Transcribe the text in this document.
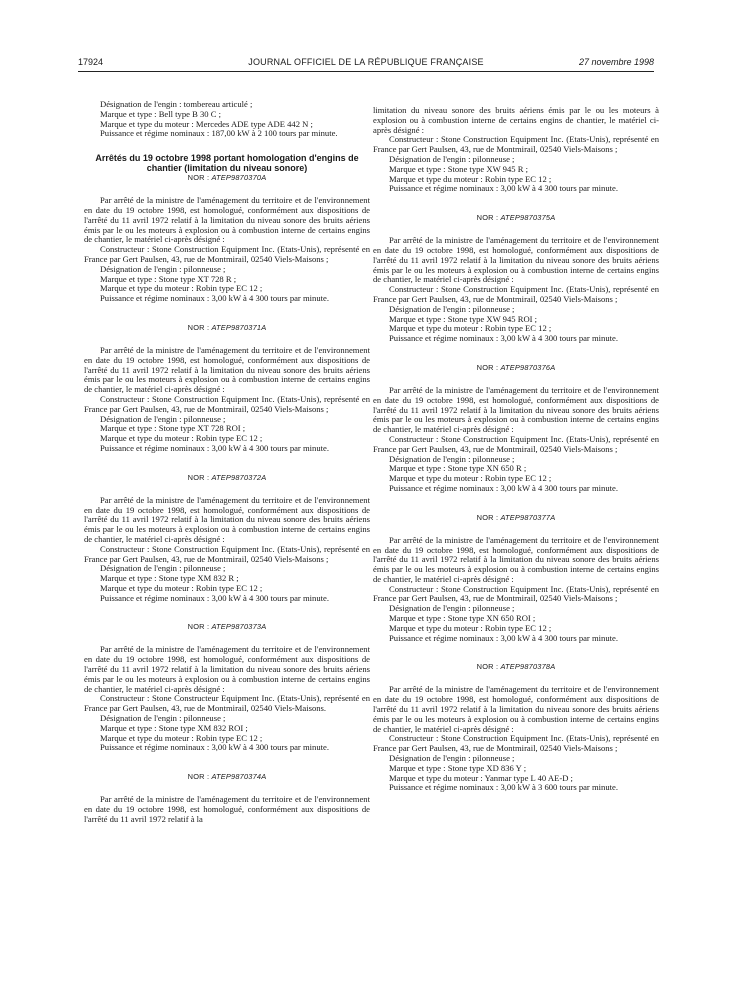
17924	JOURNAL OFFICIEL DE LA RÉPUBLIQUE FRANÇAISE	27 novembre 1998

Désignation de l'engin : tombereau articulé ;

Marque et type : Bell type B 30 C ;

Marque et type du moteur : Mercedes ADE type ADE 442 N ;

Puissance et régime nominaux : 187,00 kW à 2 100 tours par minute.

Arrêtés du 19 octobre 1998 portant homologation d'engins de chantier (limitation du niveau sonore)

NOR : ATEP9870370A

Par arrêté de la ministre de l'aménagement du territoire et de l'environnement en date du 19 octobre 1998, est homologué, conformément aux dispositions de l'arrêté du 11 avril 1972 relatif à la limitation du niveau sonore des bruits aériens émis par le ou les moteurs à explosion ou à combustion interne de certains engins de chantier, le matériel ci-après désigné :

Constructeur : Stone Construction Equipment Inc. (Etats-Unis), représenté en France par Gert Paulsen, 43, rue de Montmirail, 02540 Viels-Maisons ;

Désignation de l'engin : pilonneuse ;

Marque et type : Stone type XT 728 R ;

Marque et type du moteur : Robin type EC 12 ;

Puissance et régime nominaux : 3,00 kW à 4 300 tours par minute.

NOR : ATEP9870371A

Par arrêté de la ministre de l'aménagement du territoire et de l'environnement en date du 19 octobre 1998, est homologué, conformément aux dispositions de l'arrêté du 11 avril 1972 relatif à la limitation du niveau sonore des bruits aériens émis par le ou les moteurs à explosion ou à combustion interne de certains engins de chantier, le matériel ci-après désigné :

Constructeur : Stone Construction Equipment Inc. (Etats-Unis), représenté en France par Gert Paulsen, 43, rue de Montmirail, 02540 Viels-Maisons ;

Désignation de l'engin : pilonneuse ;

Marque et type : Stone type XT 728 ROI ;

Marque et type du moteur : Robin type EC 12 ;

Puissance et régime nominaux : 3,00 kW à 4 300 tours par minute.

NOR : ATEP9870372A

Par arrêté de la ministre de l'aménagement du territoire et de l'environnement en date du 19 octobre 1998, est homologué, conformément aux dispositions de l'arrêté du 11 avril 1972 relatif à la limitation du niveau sonore des bruits aériens émis par le ou les moteurs à explosion ou à combustion interne de certains engins de chantier, le matériel ci-après désigné :

Constructeur : Stone Construction Equipment Inc. (Etats-Unis), représenté en France par Gert Paulsen, 43, rue de Montmirail, 02540 Viels-Maisons ;

Désignation de l'engin : pilonneuse ;

Marque et type : Stone type XM 832 R ;

Marque et type du moteur : Robin type EC 12 ;

Puissance et régime nominaux : 3,00 kW à 4 300 tours par minute.

NOR : ATEP9870373A

Par arrêté de la ministre de l'aménagement du territoire et de l'environnement en date du 19 octobre 1998, est homologué, conformément aux dispositions de l'arrêté du 11 avril 1972 relatif à la limitation du niveau sonore des bruits aériens émis par le ou les moteurs à explosion ou à combustion interne de certains engins de chantier, le matériel ci-après désigné :

Constructeur : Stone Constructeur Equipment Inc. (Etats-Unis), représenté en France par Gert Paulsen, 43, rue de Montmirail, 02540 Viels-Maisons.

Désignation de l'engin : pilonneuse ;

Marque et type : Stone type XM 832 ROI ;

Marque et type du moteur : Robin type EC 12 ;

Puissance et régime nominaux : 3,00 kW à 4 300 tours par minute.

NOR : ATEP9870374A

Par arrêté de la ministre de l'aménagement du territoire et de l'environnement en date du 19 octobre 1998, est homologué, conformément aux dispositions de l'arrêté du 11 avril 1972 relatif à la

limitation du niveau sonore des bruits aériens émis par le ou les moteurs à explosion ou à combustion interne de certains engins de chantier, le matériel ci-après désigné :

Constructeur : Stone Construction Equipment Inc. (Etats-Unis), représenté en France par Gert Paulsen, 43, rue de Montmirail, 02540 Viels-Maisons ;

Désignation de l'engin : pilonneuse ;

Marque et type : Stone type XW 945 R ;

Marque et type du moteur : Robin type EC 12 ;

Puissance et régime nominaux : 3,00 kW à 4 300 tours par minute.

NOR : ATEP9870375A

Par arrêté de la ministre de l'aménagement du territoire et de l'environnement en date du 19 octobre 1998, est homologué, conformément aux dispositions de l'arrêté du 11 avril 1972 relatif à la limitation du niveau sonore des bruits aériens émis par le ou les moteurs à explosion ou à combustion interne de certains engins de chantier, le matériel ci-après désigné :

Constructeur : Stone Construction Equipment Inc. (Etats-Unis), représenté en France par Gert Paulsen, 43, rue de Montmirail, 02540 Viels-Maisons ;

Désignation de l'engin : pilonneuse ;

Marque et type : Stone type XW 945 ROI ;

Marque et type du moteur : Robin type EC 12 ;

Puissance et régime nominaux : 3,00 kW à 4 300 tours par minute.

NOR : ATEP9870376A

Par arrêté de la ministre de l'aménagement du territoire et de l'environnement en date du 19 octobre 1998, est homologué, conformément aux dispositions de l'arrêté du 11 avril 1972 relatif à la limitation du niveau sonore des bruits aériens émis par le ou les moteurs à explosion ou à combustion interne de certains engins de chantier, le matériel ci-après désigné :

Constructeur : Stone Construction Equipment Inc. (Etats-Unis), représenté en France par Gert Paulsen, 43, rue de Montmirail, 02540 Viels-Maisons ;

Désignation de l'engin : pilonneuse ;

Marque et type : Stone type XN 650 R ;

Marque et type du moteur : Robin type EC 12 ;

Puissance et régime nominaux : 3,00 kW à 4 300 tours par minute.

NOR : ATEP9870377A

Par arrêté de la ministre de l'aménagement du territoire et de l'environnement en date du 19 octobre 1998, est homologué, conformément aux dispositions de l'arrêté du 11 avril 1972 relatif à la limitation du niveau sonore des bruits aériens émis par le ou les moteurs à explosion ou à combustion interne de certains engins de chantier, le matériel ci-après désigné :

Constructeur : Stone Construction Equipment Inc. (Etats-Unis), représenté en France par Gert Paulsen, 43, rue de Montmirail, 02540 Viels-Maisons ;

Désignation de l'engin : pilonneuse ;

Marque et type : Stone type XN 650 ROI ;

Marque et type du moteur : Robin type EC 12 ;

Puissance et régime nominaux : 3,00 kW à 4 300 tours par minute.

NOR : ATEP9870378A

Par arrêté de la ministre de l'aménagement du territoire et de l'environnement en date du 19 octobre 1998, est homologué, conformément aux dispositions de l'arrêté du 11 avril 1972 relatif à la limitation du niveau sonore des bruits aériens émis par le ou les moteurs à explosion ou à combustion interne de certains engins de chantier, le matériel ci-après désigné :

Constructeur : Stone Construction Equipment Inc. (Etats-Unis), représenté en France par Gert Paulsen, 43, rue de Montmirail, 02540 Viels-Maisons ;

Désignation de l'engin : pilonneuse ;

Marque et type : Stone type XD 836 Y ;

Marque et type du moteur : Yanmar type L 40 AE-D ;

Puissance et régime nominaux : 3,00 kW à 3 600 tours par minute.
